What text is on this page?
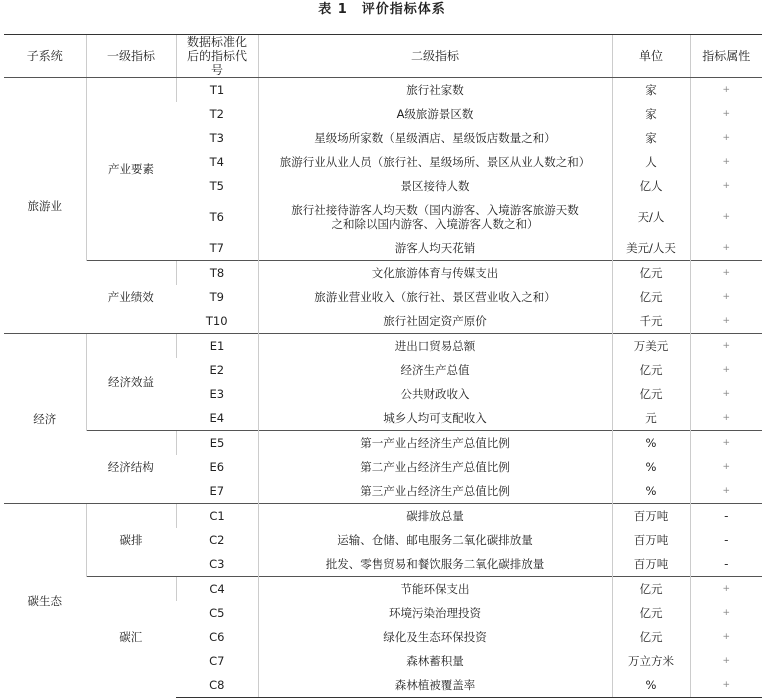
表 1 评价指标体系
子系统	一级指标	数据标准化后的指标代号	二级指标	单位	指标属性
旅游业	产业要素	T1	旅行社家数	家	+
		T2	A级旅游景区数	家	+
		T3	星级场所家数（星级酒店、星级饭店数量之和）	家	+
		T4	旅游行业从业人员（旅行社、星级场所、景区从业人数之和）	人	+
		T5	景区接待人数	亿人	+
		T6	旅行社接待游客人均天数（国内游客、入境游客旅游天数之和除以国内游客、入境游客人数之和）	天/人	+
		T7	游客人均天花销	美元/人天	+
	产业绩效	T8	文化旅游体育与传媒支出	亿元	+
		T9	旅游业营业收入（旅行社、景区营业收入之和）	亿元	+
		T10	旅行社固定资产原价	千元	+
经济	经济效益	E1	进出口贸易总额	万美元	+
		E2	经济生产总值	亿元	+
		E3	公共财政收入	亿元	+
		E4	城乡人均可支配收入	元	+
	经济结构	E5	第一产业占经济生产总值比例	%	+
		E6	第二产业占经济生产总值比例	%	+
		E7	第三产业占经济生产总值比例	%	+
碳生态	碳排	C1	碳排放总量	百万吨	-
		C2	运输、仓储、邮电服务二氧化碳排放量	百万吨	-
		C3	批发、零售贸易和餐饮服务二氧化碳排放量	百万吨	-
	碳汇	C4	节能环保支出	亿元	+
		C5	环境污染治理投资	亿元	+
		C6	绿化及生态环保投资	亿元	+
		C7	森林蓄积量	万立方米	+
		C8	森林植被覆盖率	%	+
